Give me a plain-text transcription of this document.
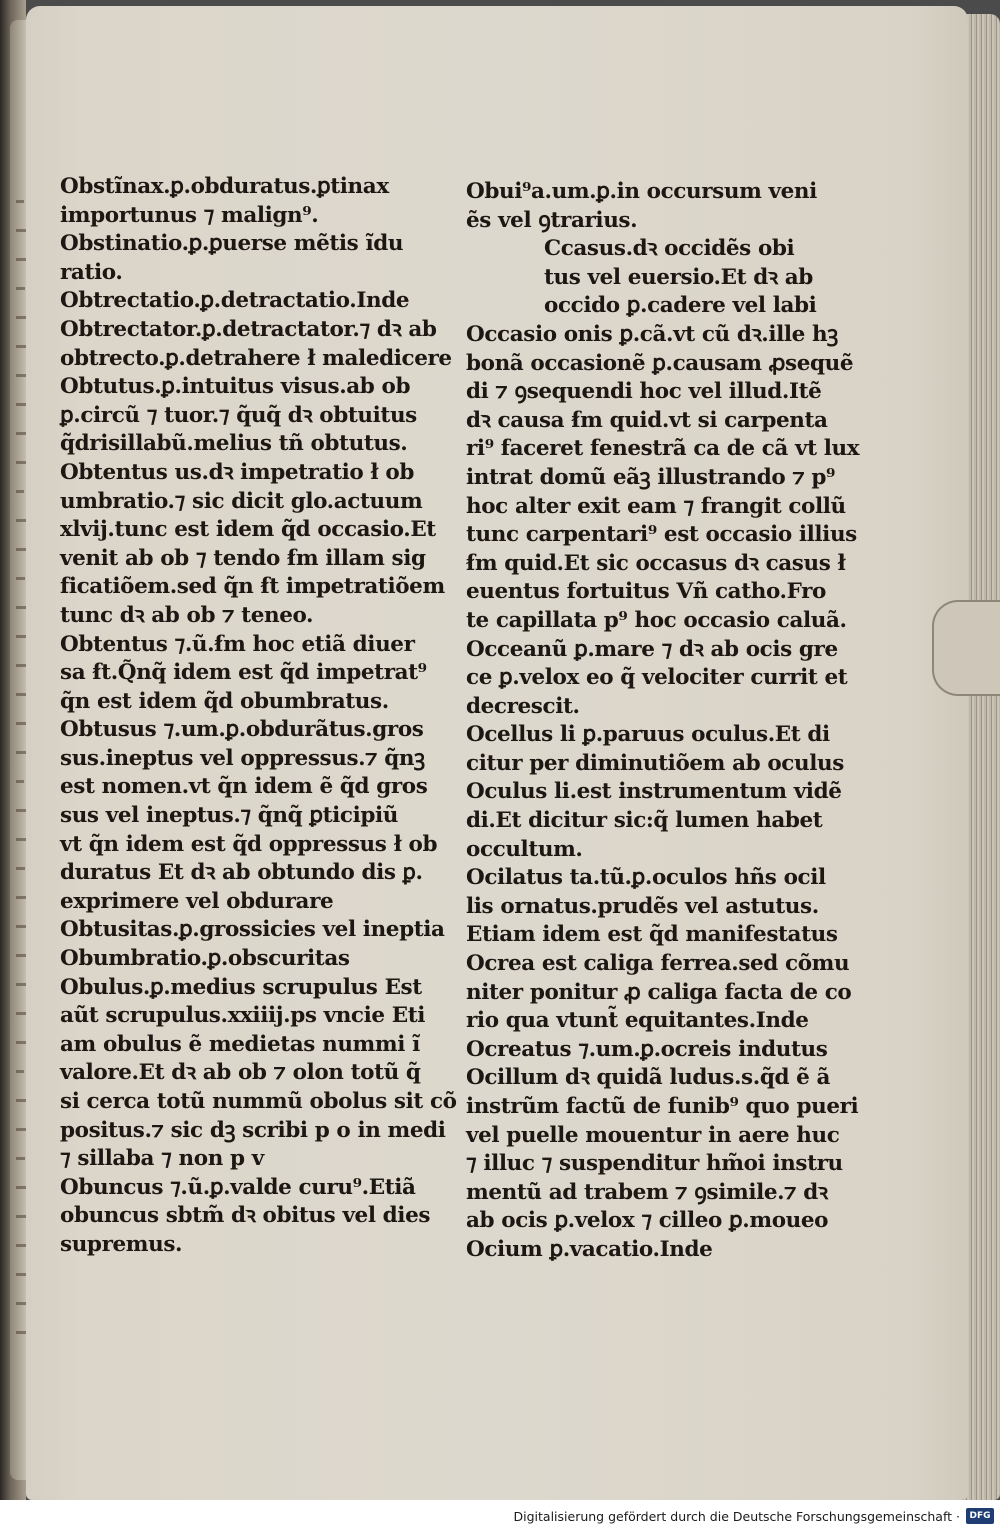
Obstĩnax.ꝑ.obduratus.ꝑtinax
importunus ⁊ malign⁹.
Obstinatio.ꝑ.ꝑuerse mẽtis ĩdu
ratio.
Obtrectatio.ꝑ.detractatio.Inde
Obtrectator.ꝑ.detractator.⁊ dꝛ ab
obtrecto.ꝑ.detrahere ł maledicere
Obtutus.ꝑ.intuitus visus.ab ob
ꝑ.circũ ⁊ tuor.⁊ q̃uq̃ dꝛ obtuitus
q̃drisillabũ.melius tñ obtutus.
Obtentus us.dꝛ impetratio ł ob
umbratio.⁊ sic dicit glo.actuum
xlvij.tunc est idem q̃d occasio.Et
venit ab ob ⁊ tendo ẜm illam sig
ficatiõem.sed q̃n ẜt impetratiõem
tunc dꝛ ab ob ⁊ teneo.
Obtentus ⁊.ũ.ẜm hoc etiã diuer
sa ẜt.Q̃nq̃ idem est q̃d impetrat⁹
q̃n est idem q̃d obumbratus.
Obtusus ⁊.um.ꝑ.obdurãtus.gros
sus.ineptus vel oppressus.⁊ q̃nꝫ
est nomen.vt q̃n idem ẽ q̃d gros
sus vel ineptus.⁊ q̃nq̃ ꝑticipiũ
vt q̃n idem est q̃d oppressus ł ob
duratus Et dꝛ ab obtundo dis ꝑ.
exprimere vel obdurare
Obtusitas.ꝑ.grossicies vel ineptia
Obumbratio.ꝑ.obscuritas
Obulus.ꝑ.medius scrupulus Est
aũt scrupulus.xxiiij.ps vncie Eti
am obulus ẽ medietas nummi ĩ
valore.Et dꝛ ab ob ⁊ olon totũ q̃
si cerca totũ nummũ obolus sit cõ
positus.⁊ sic dꝫ scribi p o in medi
⁊ sillaba ⁊ non p v
Obuncus ⁊.ũ.ꝑ.valde curu⁹.Etiã
obuncus sbtm̃ dꝛ obitus vel dies
supremus.
Obui⁹a.um.ꝑ.in occursum veni
ẽs vel ꝯtrarius.
Ccasus.dꝛ occidẽs obi
tus vel euersio.Et dꝛ ab
occido ꝑ.cadere vel labi
Occasio onis ꝑ.cã.vt cũ dꝛ.ille hꝫ
bonã occasionẽ ꝑ.causam ꝓsequẽ
di ⁊ ꝯsequendi hoc vel illud.Itẽ
dꝛ causa ẜm quid.vt si carpenta
ri⁹ faceret fenestrã ca de cã vt lux
intrat domũ eãꝫ illustrando ⁊ p⁹
hoc alter exit eam ⁊ frangit collũ
tunc carpentari⁹ est occasio illius
ẜm quid.Et sic occasus dꝛ casus ł
euentus fortuitus Vñ catho.Fro
te capillata p⁹ hoc occasio caluã.
Occeanũ ꝑ.mare ⁊ dꝛ ab ocis gre
ce ꝑ.velox eo q̃ velociter currit et
decrescit.
Ocellus li ꝑ.paruus oculus.Et di
citur per diminutiõem ab oculus
Oculus li.est instrumentum vidẽ
di.Et dicitur sic:q̃ lumen habet
occultum.
Ocilatus ta.tũ.ꝑ.oculos hñs ocil
lis ornatus.prudẽs vel astutus.
Etiam idem est q̃d manifestatus
Ocrea est caliga ferrea.sed cõmu
niter ponitur ꝓ caliga facta de co
rio qua vtunt̃ equitantes.Inde
Ocreatus ⁊.um.ꝑ.ocreis indutus
Ocillum dꝛ quidã ludus.s.q̃d ẽ ã
instrũm factũ de funib⁹ quo pueri
vel puelle mouentur in aere huc
⁊ illuc ⁊ suspenditur hm̃oi instru
mentũ ad trabem ⁊ ꝯsimile.⁊ dꝛ
ab ocis ꝑ.velox ⁊ cilleo ꝑ.moueo
Ocium ꝑ.vacatio.Inde
Digitalisierung gefördert durch die Deutsche Forschungsgemeinschaft ·	DFG
